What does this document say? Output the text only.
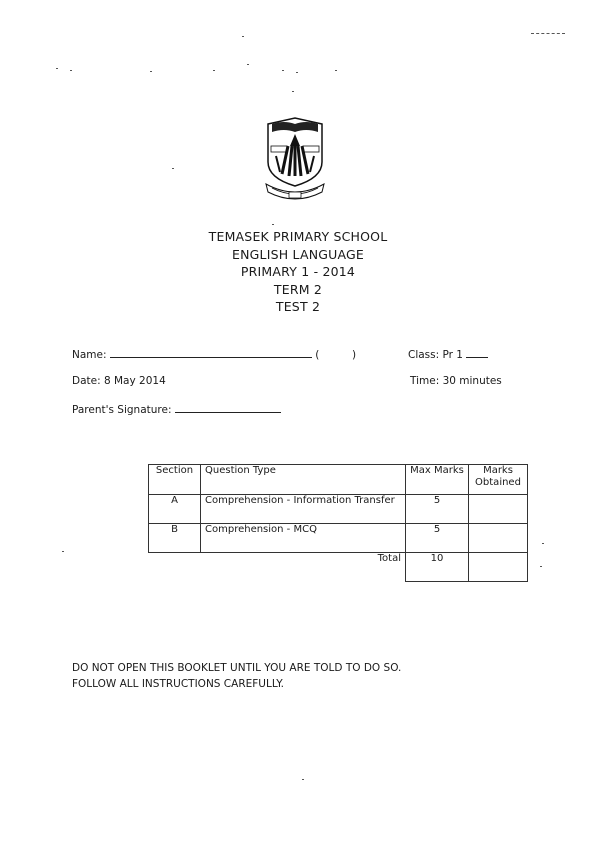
TEMASEK PRIMARY SCHOOL
ENGLISH LANGUAGE
PRIMARY 1 - 2014
TERM 2
TEST 2
Name:	(	)	Class: Pr 1
Date: 8 May 2014	Time: 30 minutes
Parent's Signature:
Section	Question Type	Max Marks	Marks Obtained
A	Comprehension - Information Transfer	5	
B	Comprehension - MCQ	5	
	Total	10	
DO NOT OPEN THIS BOOKLET UNTIL YOU ARE TOLD TO DO SO.
FOLLOW ALL INSTRUCTIONS CAREFULLY.
